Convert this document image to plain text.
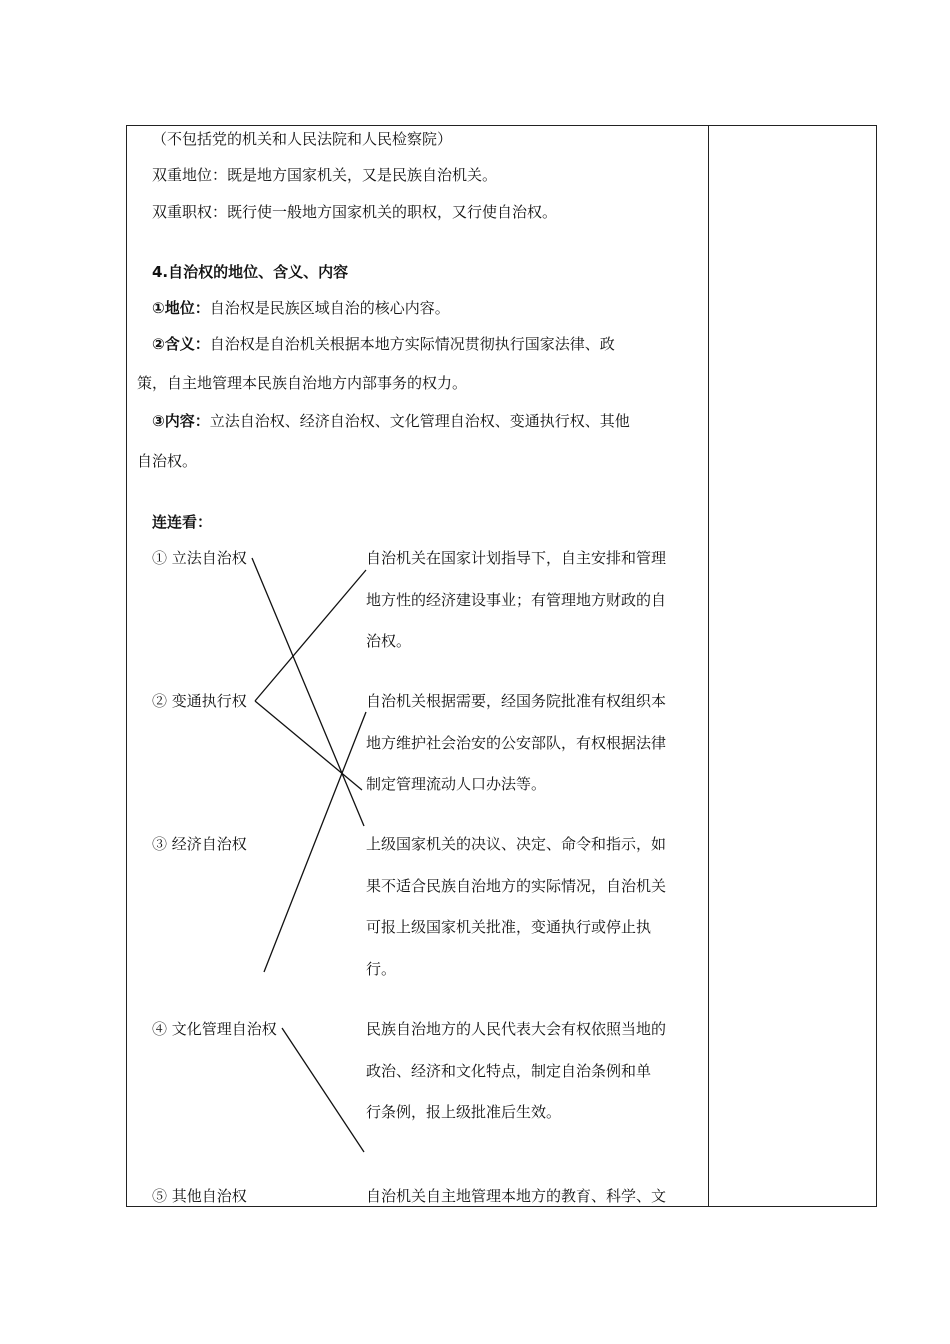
（不包括党的机关和人民法院和人民检察院）
双重地位：既是地方国家机关，又是民族自治机关。
双重职权：既行使一般地方国家机关的职权，又行使自治权。
4.自治权的地位、含义、内容
①地位：自治权是民族区域自治的核心内容。
②含义：自治权是自治机关根据本地方实际情况贯彻执行国家法律、政
策，自主地管理本民族自治地方内部事务的权力。
③内容：立法自治权、经济自治权、文化管理自治权、变通执行权、其他
自治权。
连连看：
① 立法自治权
② 变通执行权
③ 经济自治权
④ 文化管理自治权
⑤ 其他自治权
自治机关在国家计划指导下，自主安排和管理
地方性的经济建设事业；有管理地方财政的自
治权。
自治机关根据需要，经国务院批准有权组织本
地方维护社会治安的公安部队，有权根据法律
制定管理流动人口办法等。
上级国家机关的决议、决定、命令和指示，如
果不适合民族自治地方的实际情况，自治机关
可报上级国家机关批准，变通执行或停止执
行。
民族自治地方的人民代表大会有权依照当地的
政治、经济和文化特点，制定自治条例和单
行条例，报上级批准后生效。
自治机关自主地管理本地方的教育、科学、文
